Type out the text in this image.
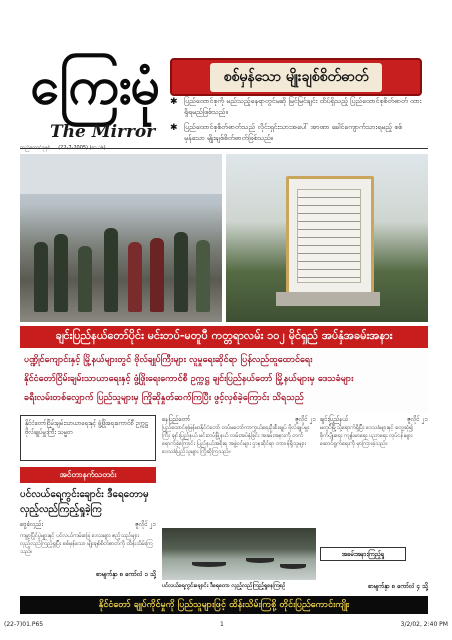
ကြေးမုံ
The Mirror
စစ်မှန်သော မျိုးချစ်စိတ်ဓာတ်
✱ ပြည်ထောင်စုကို မည်သည့်နေရာတွင်မဆို မြင်မြင်ချင်း ထိပ်ရှိသည့် ပြည်ထောင်စုစိတ်ဓာတ် ထားရှိရမည်ဖြစ်သည်။
✱ ပြည်ထောင်စုစိတ်ဓာတ်သည် လိုင်းရှင်းသားအပေါ် အာဏာ ခေါင်ကျောက်သားရမည့် စစ်မှန်သော မျိုးချစ်စိတ်ဓာတ်ဖြစ်သည်။
ချင်းပြည်နယ်တော်ပိုင်း မင်းတပ်-မတူပီ ကတ္တရာလမ်း ၁၀၂ မိုင်ရှည် အပ်နှံအခမ်းအနား

ပဏ္ဍိုင်ကျောင်းနှင့် မြို့နယ်များတွင် ဗိုလ်ချုပ်ကြီးများ လူမှုရေးဆိုင်ရာ ပြန်လည်ထူထောင်ရေး

နိုင်ငံတော်ငြိမ်းချမ်းသာယာရေးနှင့် ဖွံ့ဖြိုးရေးကောင်စီ ဥက္ကဋ္ဌ ချင်းပြည်နယ်တော် မြို့နယ်များမှ ဒေသခံများ

ခရီးလမ်းတစ်လျှောက် ပြည်သူများမှ ကြိုဆိုနှုတ်ဆက်ကြပြီး ဖွင့်လှစ်ခဲ့ကြောင်း သိရသည်

နိုင်ငံတော်ငြိမ်းချမ်းသာယာရေးနှင့် ဖွံ့ဖြိုးရေးကောင်စီ ဥက္ကဋ္ဌ ဗိုလ်ချုပ်မှူးကြီး သမ္မတ
အင်တာနက်သတင်း
ပင်လယ်ရေ့ကွင်းချောင်း ဒီရေတောမှ လှည့်လည်ကြည့်ရှုခဲ့ကြ
ဗွေခံလှည်း	ဇူလိုင် ၂၁
ကမ္ဘာ့ပြိုင်ပွဲများနှင့် ပင်လယ်ကမ်းခြေ ဒေသများ ဧည့်သည်များ လှည့်လည်ကြည့်ရှုပြီး စစ်မှန်သော မျိုးချစ်စိတ်ဓာတ်ကို ထိန်းသိမ်းကြသည်။
စာမျက်နှာ ၈ ကော်လံ ၁ သို့
နေပြည်တော်	ဇူလိုင် ၂၁
ပြည်ထောင်စုမြန်မာနိုင်ငံတော် တပ်မတော်ကာကွယ်ရေးဦးစီးချုပ် ဗိုလ်ချုပ်မှူးကြီး ချင်းပြည်နယ် မင်းတပ်မြို့နယ် လမ်းအပ်နှံခြင်း အခမ်းအနားကို တက်ရောက်ခဲ့ကြောင်း ပြည်နယ်အစိုးရ အဖွဲ့ဝင်များ ဌာနဆိုင်ရာ တာဝန်ရှိသူများ ဒေသခံပြည်သူများ ကြိုဆိုကြသည်။
ပင်လယ်ရေ့ကွင်းချောင်း ဒီရေတော လှည့်လည်ကြည့်ရှုနေကြစဉ်
ချင်းပြည်နယ်	ဇူလိုင် ၂၁
မတူပီမြို့သို့ရောက်ရှိပြီး ဒေသခံများနှင့် တွေ့ဆုံ၍ စိုက်ပျိုးရေး ကျန်းမာရေး ပညာရေး လုပ်ငန်းများ ဆောင်ရွက်ရေးကို မှာကြားခဲ့သည်။
အခမ်းအနားကြည့်ရှု
စာမျက်နှာ ၈ ကော်လံ ၄ သို့
နိုင်ငံတော် ချုပ်ကိုင်မှုကို ပြည်သူများဖြင့် ထိန်းသိမ်းကြစို့ တိုင်းပြည်ကောင်းကျိုး
(22-7)01.P65	1	3/2/02, 2:40 PM
